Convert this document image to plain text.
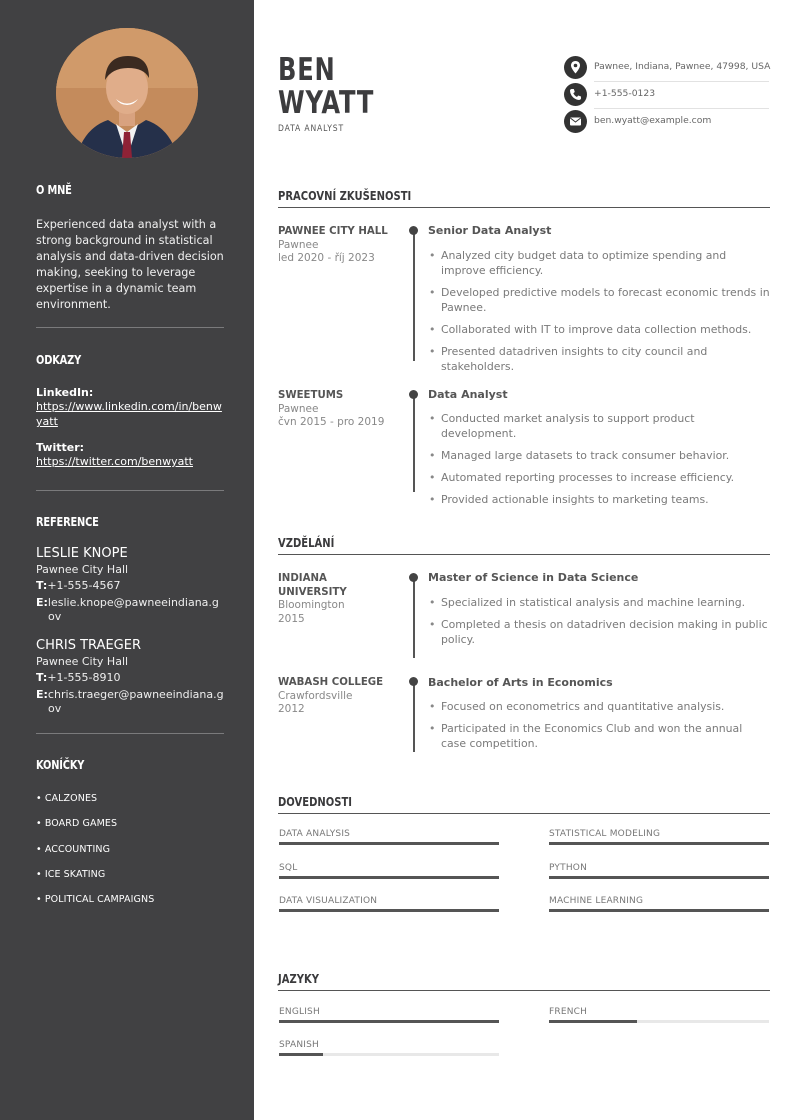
O MNĚ
Experienced data analyst with a strong background in statistical analysis and data-driven decision making, seeking to leverage expertise in a dynamic team environment.
ODKAZY
LinkedIn:
https://www.linkedin.com/in/benwyatt
Twitter:
https://twitter.com/benwyatt
REFERENCE
LESLIE KNOPE
Pawnee City Hall
T:+1-555-4567
E:leslie.knope@pawneeindiana.gov
CHRIS TRAEGER
Pawnee City Hall
T:+1-555-8910
E:chris.traeger@pawneeindiana.gov
KONÍČKY
• CALZONES
• BOARD GAMES
• ACCOUNTING
• ICE SKATING
• POLITICAL CAMPAIGNS
BEN
WYATT
DATA ANALYST
Pawnee, Indiana, Pawnee, 47998, USA
+1-555-0123
ben.wyatt@example.com
PRACOVNÍ ZKUŠENOSTI
PAWNEE CITY HALL
Pawnee
led 2020 - říj 2023
Senior Data Analyst
• Analyzed city budget data to optimize spending and improve efficiency.
• Developed predictive models to forecast economic trends in Pawnee.
• Collaborated with IT to improve data collection methods.
• Presented datadriven insights to city council and stakeholders.
SWEETUMS
Pawnee
čvn 2015 - pro 2019
Data Analyst
• Conducted market analysis to support product development.
• Managed large datasets to track consumer behavior.
• Automated reporting processes to increase efficiency.
• Provided actionable insights to marketing teams.
VZDĚLÁNÍ
INDIANA UNIVERSITY
Bloomington
2015
Master of Science in Data Science
• Specialized in statistical analysis and machine learning.
• Completed a thesis on datadriven decision making in public policy.
WABASH COLLEGE
Crawfordsville
2012
Bachelor of Arts in Economics
• Focused on econometrics and quantitative analysis.
• Participated in the Economics Club and won the annual case competition.
DOVEDNOSTI
DATA ANALYSIS	STATISTICAL MODELING
SQL	PYTHON
DATA VISUALIZATION	MACHINE LEARNING
JAZYKY
ENGLISH	FRENCH
SPANISH
